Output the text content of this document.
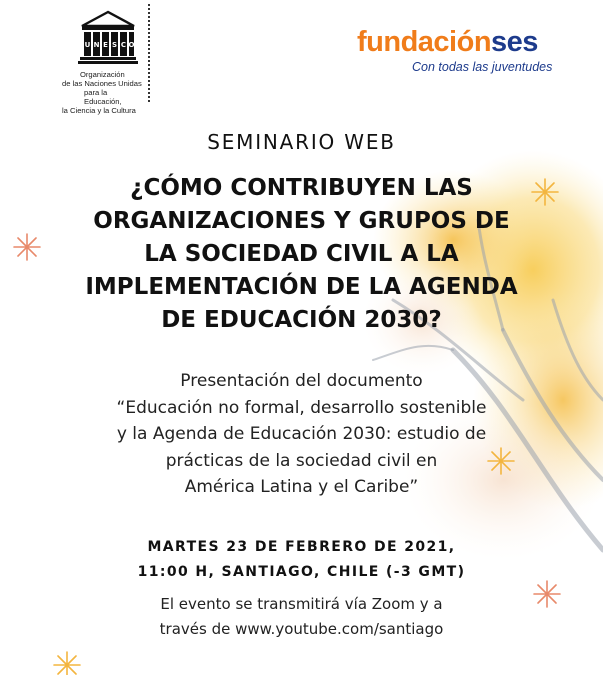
U N E S C O
Organización
de las Naciones Unidas
para la Educación,
la Ciencia y la Cultura
fundaciónses
Con todas las juventudes
SEMINARIO WEB
¿CÓMO CONTRIBUYEN LAS
ORGANIZACIONES Y GRUPOS DE
LA SOCIEDAD CIVIL A LA
IMPLEMENTACIÓN DE LA AGENDA
DE EDUCACIÓN 2030?
Presentación del documento
“Educación no formal, desarrollo sostenible
y la Agenda de Educación 2030: estudio de
prácticas de la sociedad civil en
América Latina y el Caribe”
MARTES 23 DE FEBRERO DE 2021,
11:00 H, SANTIAGO, CHILE (-3 GMT)
El evento se transmitirá vía Zoom y a
través de www.youtube.com/santiago
